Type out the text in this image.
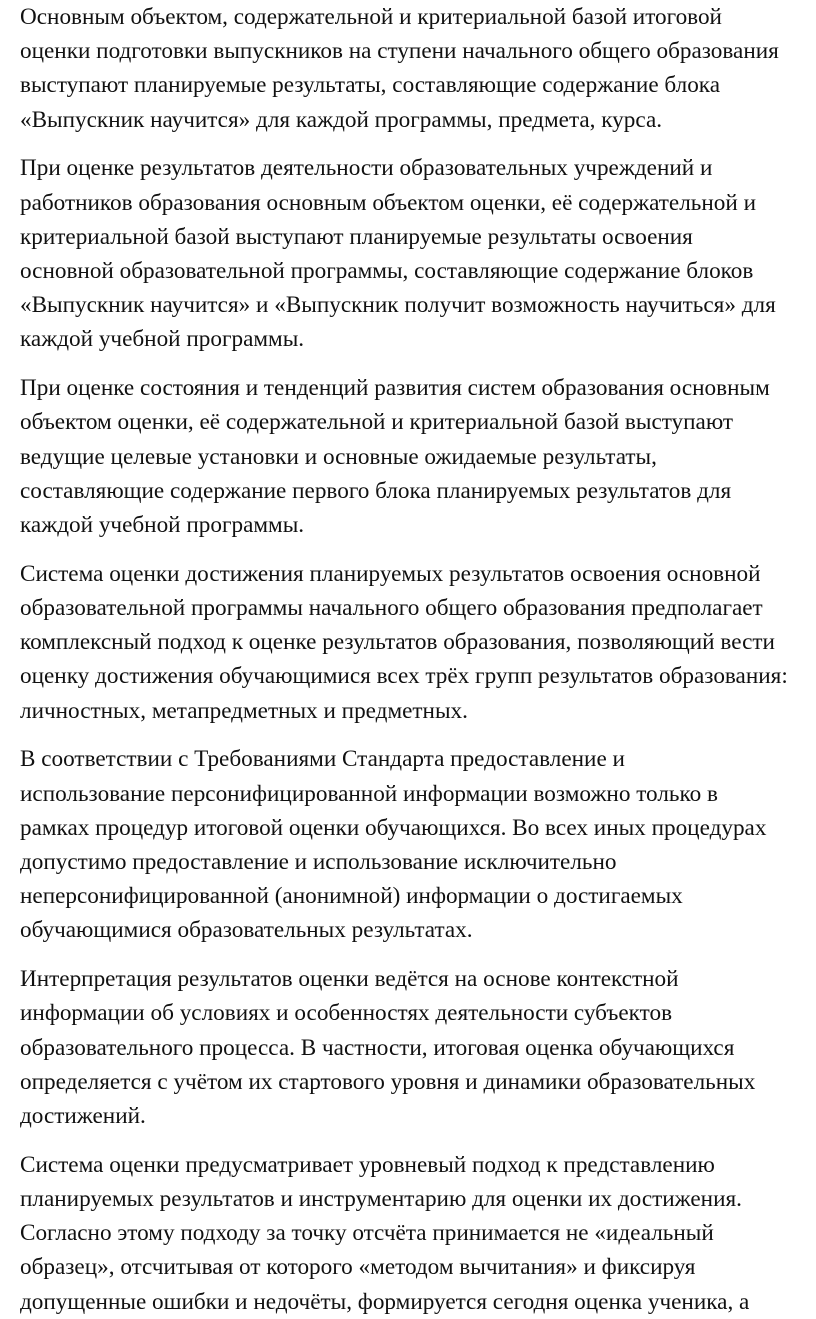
Основным объектом, содержательной и критериальной базой итоговой
оценки подготовки выпускников на ступени начального общего образования
выступают планируемые результаты, составляющие содержание блока
«Выпускник научится» для каждой программы, предмета, курса.

При оценке результатов деятельности образовательных учреждений и
работников образования основным объектом оценки, её содержательной и
критериальной базой выступают планируемые результаты освоения
основной образовательной программы, составляющие содержание блоков
«Выпускник научится» и «Выпускник получит возможность научиться» для
каждой учебной программы.

При оценке состояния и тенденций развития систем образования основным
объектом оценки, её содержательной и критериальной базой выступают
ведущие целевые установки и основные ожидаемые результаты,
составляющие содержание первого блока планируемых результатов для
каждой учебной программы.

Система оценки достижения планируемых результатов освоения основной
образовательной программы начального общего образования предполагает
комплексный подход к оценке результатов образования, позволяющий вести
оценку достижения обучающимися всех трёх групп результатов образования:
личностных, метапредметных и предметных.

В соответствии с Требованиями Стандарта предоставление и
использование персонифицированной информации возможно только в
рамках процедур итоговой оценки обучающихся. Во всех иных процедурах
допустимо предоставление и использование исключительно
неперсонифицированной (анонимной) информации о достигаемых
обучающимися образовательных результатах.

Интерпретация результатов оценки ведётся на основе контекстной
информации об условиях и особенностях деятельности субъектов
образовательного процесса. В частности, итоговая оценка обучающихся
определяется с учётом их стартового уровня и динамики образовательных
достижений.

Система оценки предусматривает уровневый подход к представлению
планируемых результатов и инструментарию для оценки их достижения.
Согласно этому подходу за точку отсчёта принимается не «идеальный
образец», отсчитывая от которого «методом вычитания» и фиксируя
допущенные ошибки и недочёты, формируется сегодня оценка ученика, а
